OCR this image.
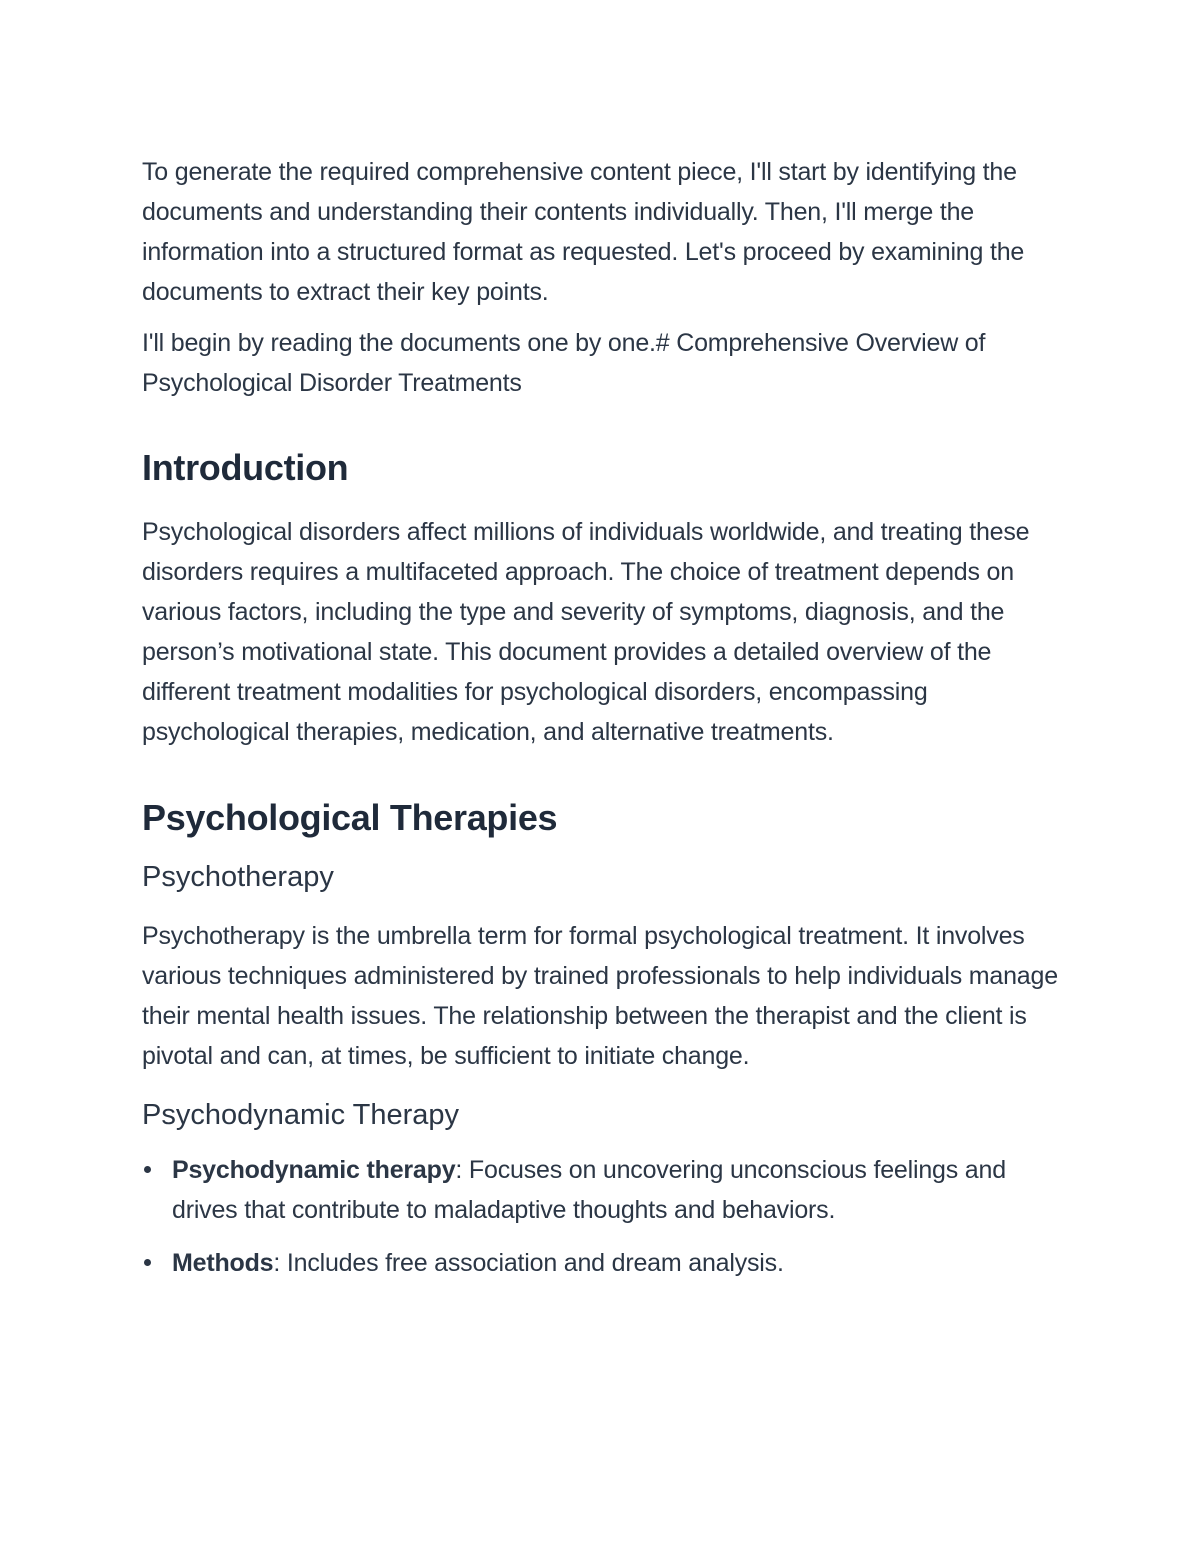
To generate the required comprehensive content piece, I'll start by identifying the documents and understanding their contents individually. Then, I'll merge the information into a structured format as requested. Let's proceed by examining the documents to extract their key points.

I'll begin by reading the documents one by one.# Comprehensive Overview of Psychological Disorder Treatments

Introduction

Psychological disorders affect millions of individuals worldwide, and treating these disorders requires a multifaceted approach. The choice of treatment depends on various factors, including the type and severity of symptoms, diagnosis, and the person’s motivational state. This document provides a detailed overview of the different treatment modalities for psychological disorders, encompassing psychological therapies, medication, and alternative treatments.

Psychological Therapies
Psychotherapy

Psychotherapy is the umbrella term for formal psychological treatment. It involves various techniques administered by trained professionals to help individuals manage their mental health issues. The relationship between the therapist and the client is pivotal and can, at times, be sufficient to initiate change.

Psychodynamic Therapy
Psychodynamic therapy: Focuses on uncovering unconscious feelings and drives that contribute to maladaptive thoughts and behaviors.
Methods: Includes free association and dream analysis.
